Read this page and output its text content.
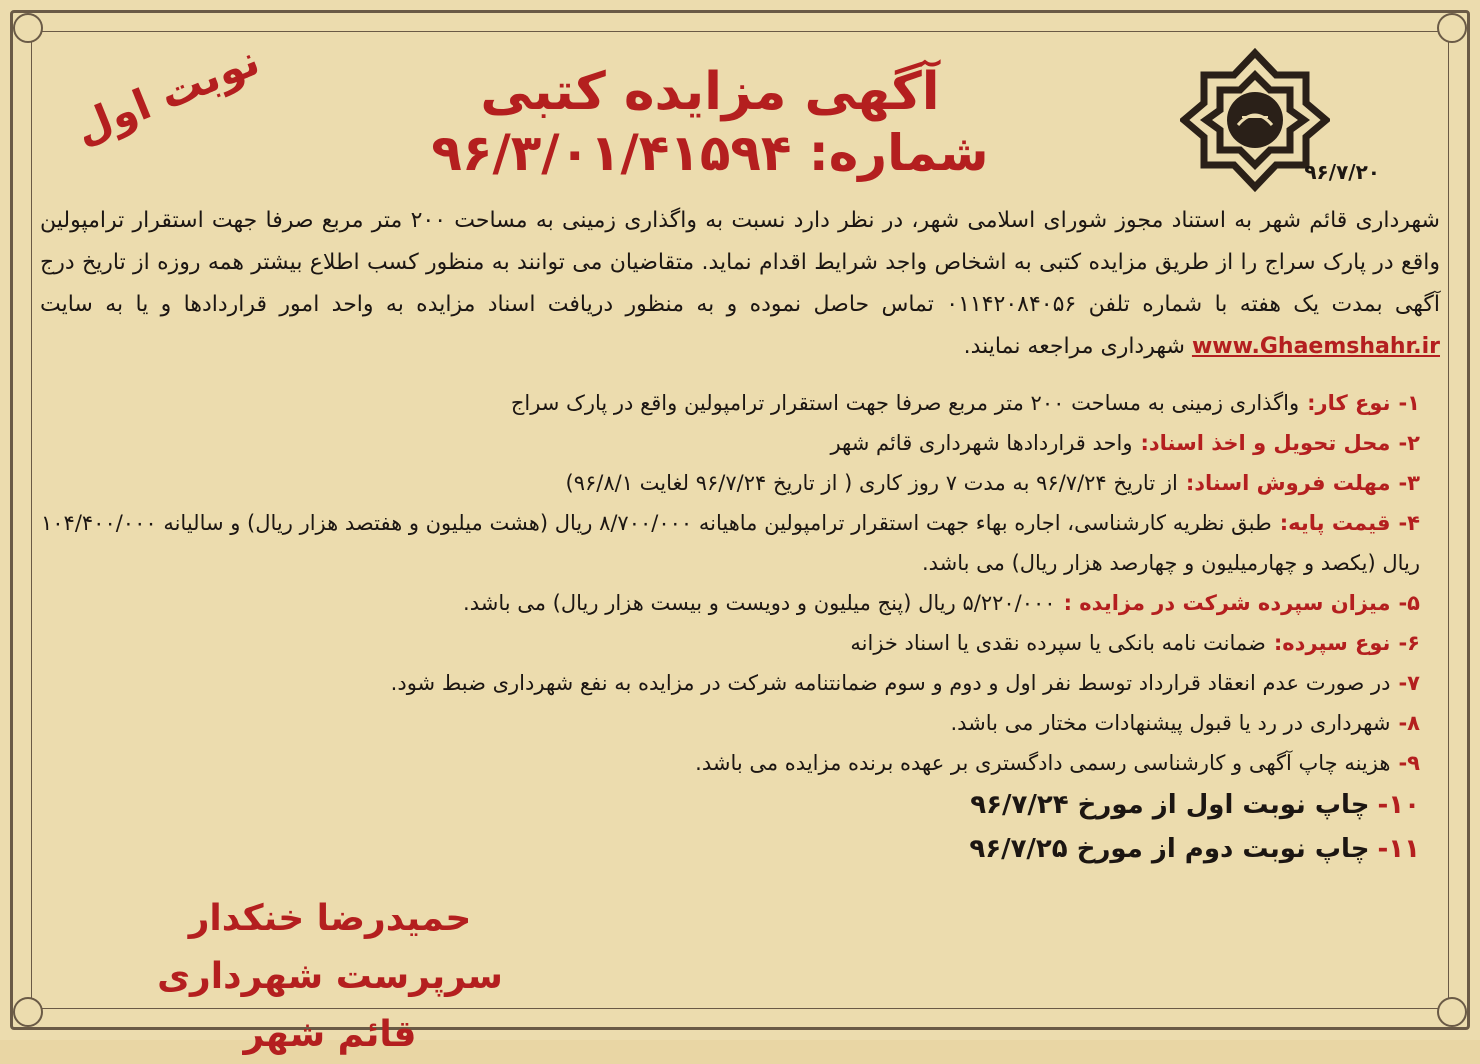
نوبت اول	آگهی مزایده کتبی
شماره: ۹۶/۳/۰۱/۴۱۵۹۴	۹۶/۷/۲۰

شهرداری قائم شهر به استناد مجوز شورای اسلامی شهر، در نظر دارد نسبت به واگذاری زمینی به مساحت ۲۰۰ متر مربع صرفا جهت استقرار ترامپولین واقع در پارک سراج را از طریق مزایده کتبی به اشخاص واجد شرایط اقدام نماید. متقاضیان می توانند به منظور کسب اطلاع بیشتر همه روزه از تاریخ درج آگهی بمدت یک هفته با شماره تلفن ۰۱۱۴۲۰۸۴۰۵۶ تماس حاصل نموده و به منظور دریافت اسناد مزایده به واحد امور قراردادها و یا به سایت www.Ghaemshahr.ir شهرداری مراجعه نمایند.

۱-نوع کار:واگذاری زمینی به مساحت ۲۰۰ متر مربع صرفا جهت استقرار ترامپولین واقع در پارک سراج
۲-محل تحویل و اخذ اسناد:واحد قراردادها شهرداری قائم شهر
۳-مهلت فروش اسناد:از تاریخ ۹۶/۷/۲۴ به مدت ۷ روز کاری ( از تاریخ ۹۶/۷/۲۴ لغایت ۹۶/۸/۱)
۴-قیمت پایه:طبق نظریه کارشناسی، اجاره بهاء جهت استقرار ترامپولین ماهیانه ۸/۷۰۰/۰۰۰ ریال (هشت میلیون و هفتصد هزار ریال) و سالیانه ۱۰۴/۴۰۰/۰۰۰ ریال (یکصد و چهارمیلیون و چهارصد هزار ریال) می باشد.
۵-میزان سپرده شرکت در مزایده :۵/۲۲۰/۰۰۰ ریال (پنج میلیون و دویست و بیست هزار ریال) می باشد.
۶-نوع سپرده:ضمانت نامه بانکی یا سپرده نقدی یا اسناد خزانه
۷-در صورت عدم انعقاد قرارداد توسط نفر اول و دوم و سوم ضمانتنامه شرکت در مزایده به نفع شهرداری ضبط شود.
۸-شهرداری در رد یا قبول پیشنهادات مختار می باشد.
۹-هزینه چاپ آگهی و کارشناسی رسمی دادگستری بر عهده برنده مزایده می باشد.
۱۰-چاپ نوبت اول از مورخ ۹۶/۷/۲۴
۱۱-چاپ نوبت دوم از مورخ ۹۶/۷/۲۵
حمیدرضا خنکدار
سرپرست شهرداری قائم شهر
